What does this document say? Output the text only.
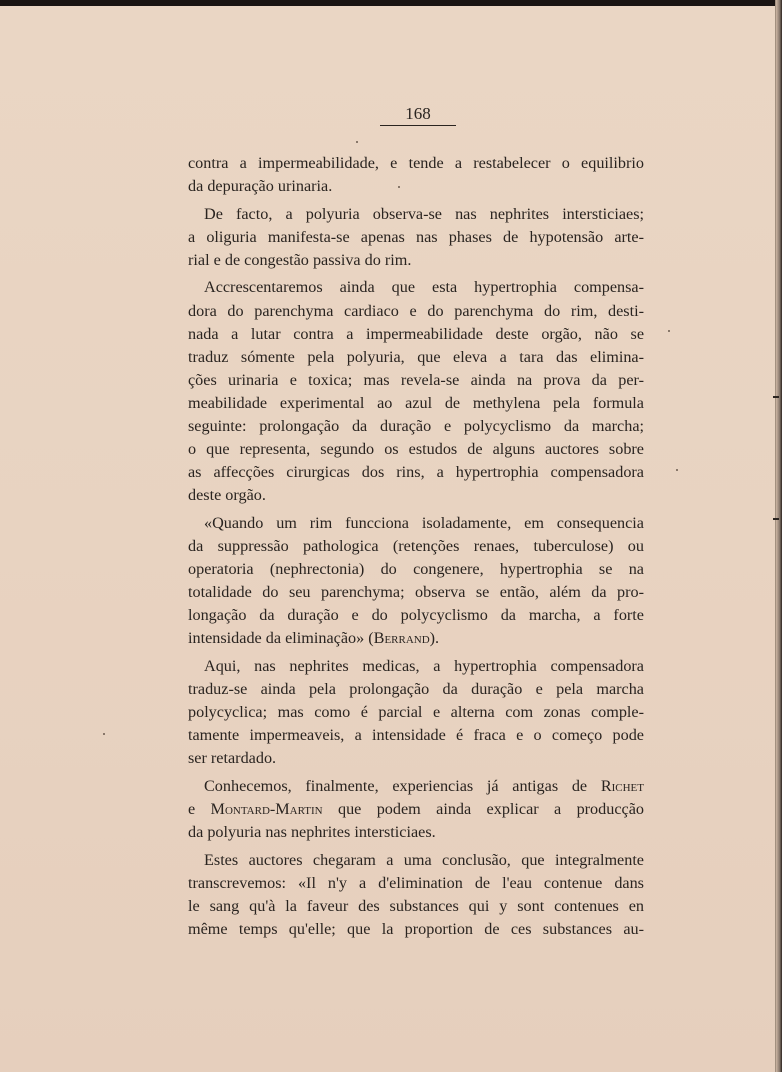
168
contra a impermeabilidade, e tende a restabelecer o equilibrio
da depuração urinaria.
De facto, a polyuria observa-se nas nephrites intersticiaes;
a oliguria manifesta-se apenas nas phases de hypotensão arte-
rial e de congestão passiva do rim.
Accrescentaremos ainda que esta hypertrophia compensa-
dora do parenchyma cardiaco e do parenchyma do rim, desti-
nada a lutar contra a impermeabilidade deste orgão, não se
traduz sómente pela polyuria, que eleva a tara das elimina-
ções urinaria e toxica; mas revela-se ainda na prova da per-
meabilidade experimental ao azul de methylena pela formula
seguinte: prolongação da duração e polycyclismo da marcha;
o que representa, segundo os estudos de alguns auctores sobre
as affecções cirurgicas dos rins, a hypertrophia compensadora
deste orgão.
«Quando um rim funcciona isoladamente, em consequencia
da suppressão pathologica (retenções renaes, tuberculose) ou
operatoria (nephrectonia) do congenere, hypertrophia se na
totalidade do seu parenchyma; observa se então, além da pro-
longação da duração e do polycyclismo da marcha, a forte
intensidade da eliminação» (Berrand).
Aqui, nas nephrites medicas, a hypertrophia compensadora
traduz-se ainda pela prolongação da duração e pela marcha
polycyclica; mas como é parcial e alterna com zonas comple-
tamente impermeaveis, a intensidade é fraca e o começo pode
ser retardado.
Conhecemos, finalmente, experiencias já antigas de Richet
e Montard-Martin que podem ainda explicar a producção
da polyuria nas nephrites intersticiaes.
Estes auctores chegaram a uma conclusão, que integralmente
transcrevemos: «Il n'y a d'elimination de l'eau contenue dans
le sang qu'à la faveur des substances qui y sont contenues en
même temps qu'elle; que la proportion de ces substances au-
